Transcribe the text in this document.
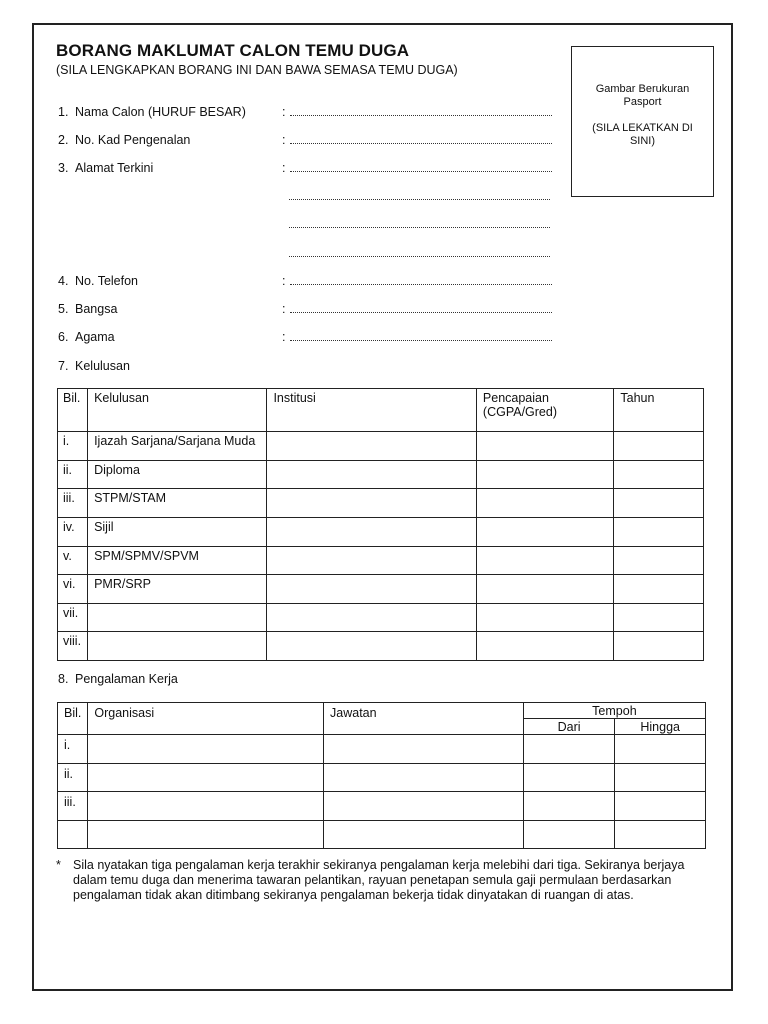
BORANG MAKLUMAT CALON TEMU DUGA
(SILA LENGKAPKAN BORANG INI DAN BAWA SEMASA TEMU DUGA)
Gambar Berukuran Pasport
(SILA LEKATKAN DI SINI)
1. Nama Calon (HURUF BESAR)	:
2. No. Kad Pengenalan	:
3. Alamat Terkini	:
4. No. Telefon	:
5. Bangsa	:
6. Agama	:
7. Kelulusan
Bil.	Kelulusan	Institusi	Pencapaian (CGPA/Gred)	Tahun
i.	Ijazah Sarjana/Sarjana Muda			
ii.	Diploma			
iii.	STPM/STAM			
iv.	Sijil			
v.	SPM/SPMV/SPVM			
vi.	PMR/SRP			
vii.				
viii.				
8. Pengalaman Kerja
Bil.	Organisasi	Jawatan	Tempoh	
			Dari	Hingga
i.				
ii.				
iii.				

* Sila nyatakan tiga pengalaman kerja terakhir sekiranya pengalaman kerja melebihi dari tiga. Sekiranya berjaya dalam temu duga dan menerima tawaran pelantikan, rayuan penetapan semula gaji permulaan berdasarkan pengalaman tidak akan ditimbang sekiranya pengalaman bekerja tidak dinyatakan di ruangan di atas.
